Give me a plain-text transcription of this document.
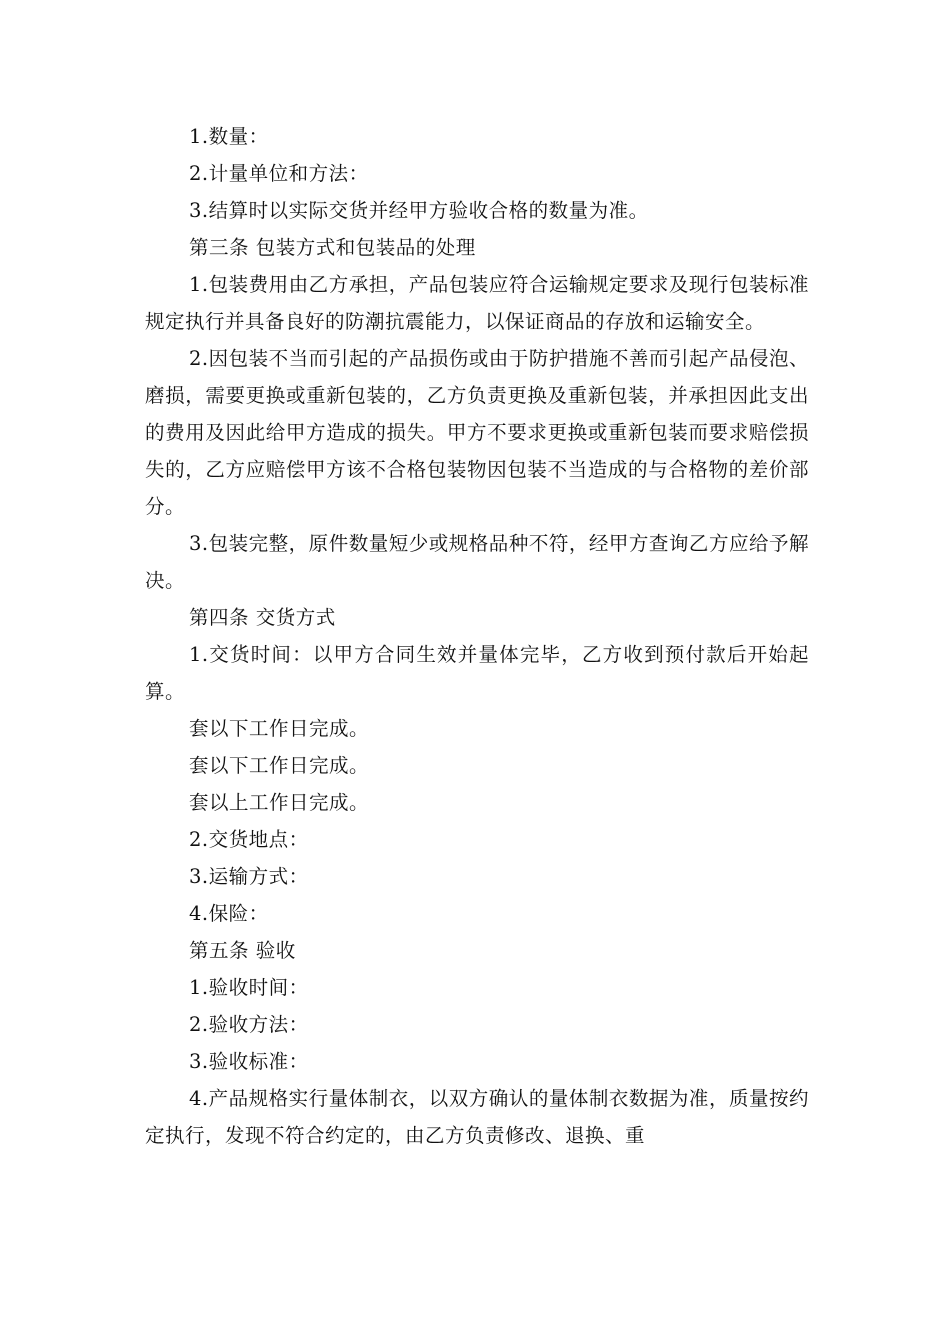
1.数量：

2.计量单位和方法：

3.结算时以实际交货并经甲方验收合格的数量为准。

第三条 包装方式和包装品的处理

1.包装费用由乙方承担，产品包装应符合运输规定要求及现行包装标准规定执行并具备良好的防潮抗震能力，以保证商品的存放和运输安全。

2.因包装不当而引起的产品损伤或由于防护措施不善而引起产品侵泡、磨损，需要更换或重新包装的，乙方负责更换及重新包装，并承担因此支出的费用及因此给甲方造成的损失。甲方不要求更换或重新包装而要求赔偿损失的，乙方应赔偿甲方该不合格包装物因包装不当造成的与合格物的差价部分。

3.包装完整，原件数量短少或规格品种不符，经甲方查询乙方应给予解决。

第四条 交货方式

1.交货时间：以甲方合同生效并量体完毕，乙方收到预付款后开始起算。

套以下工作日完成。

套以下工作日完成。

套以上工作日完成。

2.交货地点：

3.运输方式：

4.保险：

第五条 验收

1.验收时间：

2.验收方法：

3.验收标准：

4.产品规格实行量体制衣，以双方确认的量体制衣数据为准，质量按约定执行，发现不符合约定的，由乙方负责修改、退换、重
